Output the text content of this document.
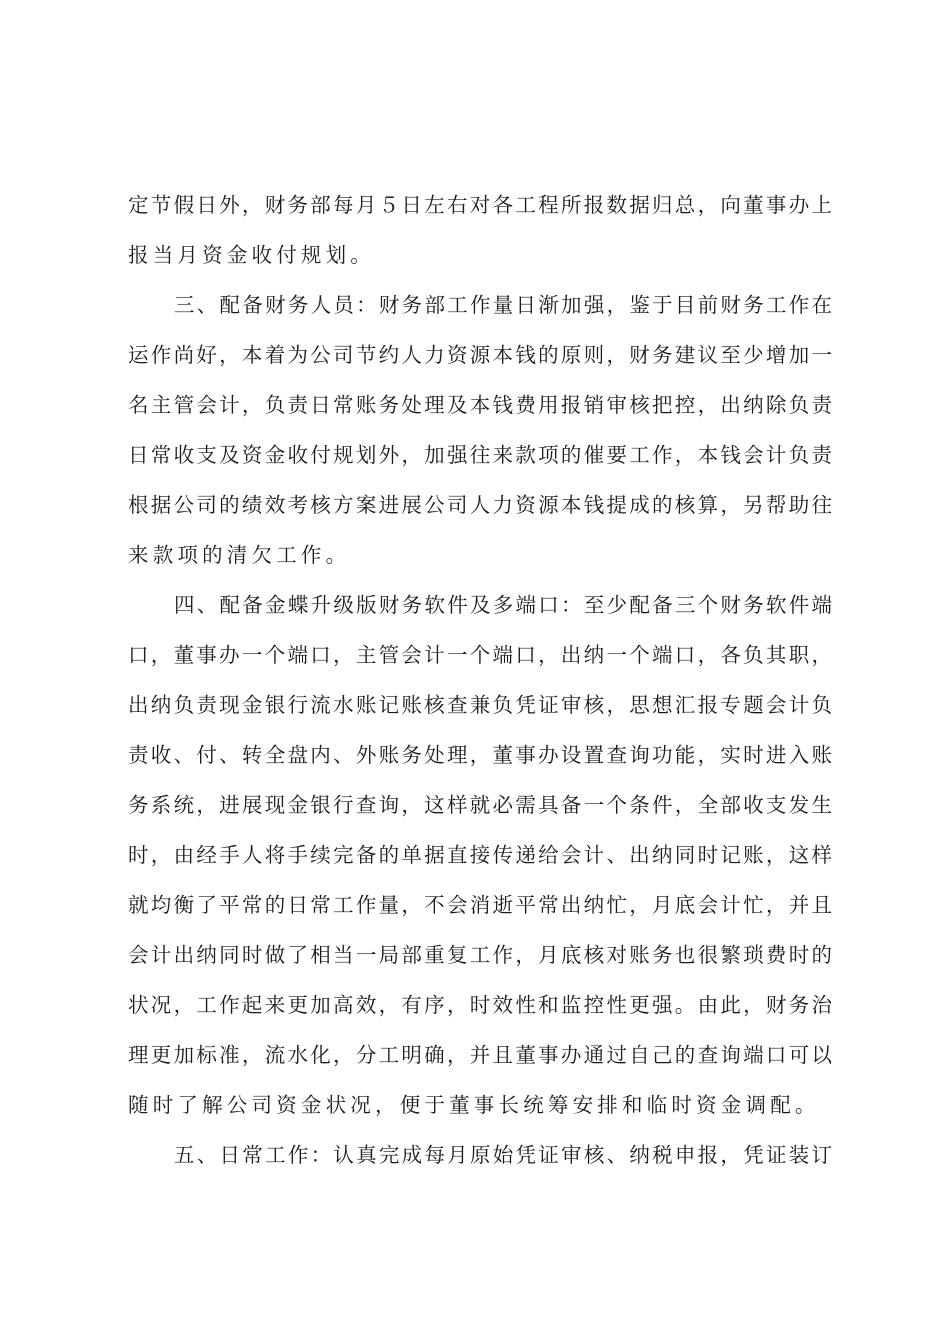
定节假日外，财务部每月５日左右对各工程所报数据归总，向董事办上
报当月资金收付规划。
三、配备财务人员：财务部工作量日渐加强，鉴于目前财务工作在
运作尚好，本着为公司节约人力资源本钱的原则，财务建议至少增加一
名主管会计，负责日常账务处理及本钱费用报销审核把控，出纳除负责
日常收支及资金收付规划外，加强往来款项的催要工作，本钱会计负责
根据公司的绩效考核方案进展公司人力资源本钱提成的核算，另帮助往
来款项的清欠工作。
四、配备金蝶升级版财务软件及多端口：至少配备三个财务软件端
口，董事办一个端口，主管会计一个端口，出纳一个端口，各负其职，
出纳负责现金银行流水账记账核查兼负凭证审核，思想汇报专题会计负
责收、付、转全盘内、外账务处理，董事办设置查询功能，实时进入账
务系统，进展现金银行查询，这样就必需具备一个条件，全部收支发生
时，由经手人将手续完备的单据直接传递给会计、出纳同时记账，这样
就均衡了平常的日常工作量，不会消逝平常出纳忙，月底会计忙，并且
会计出纳同时做了相当一局部重复工作，月底核对账务也很繁琐费时的
状况，工作起来更加高效，有序，时效性和监控性更强。由此，财务治
理更加标准，流水化，分工明确，并且董事办通过自己的查询端口可以
随时了解公司资金状况，便于董事长统筹安排和临时资金调配。
五、日常工作：认真完成每月原始凭证审核、纳税申报，凭证装订
